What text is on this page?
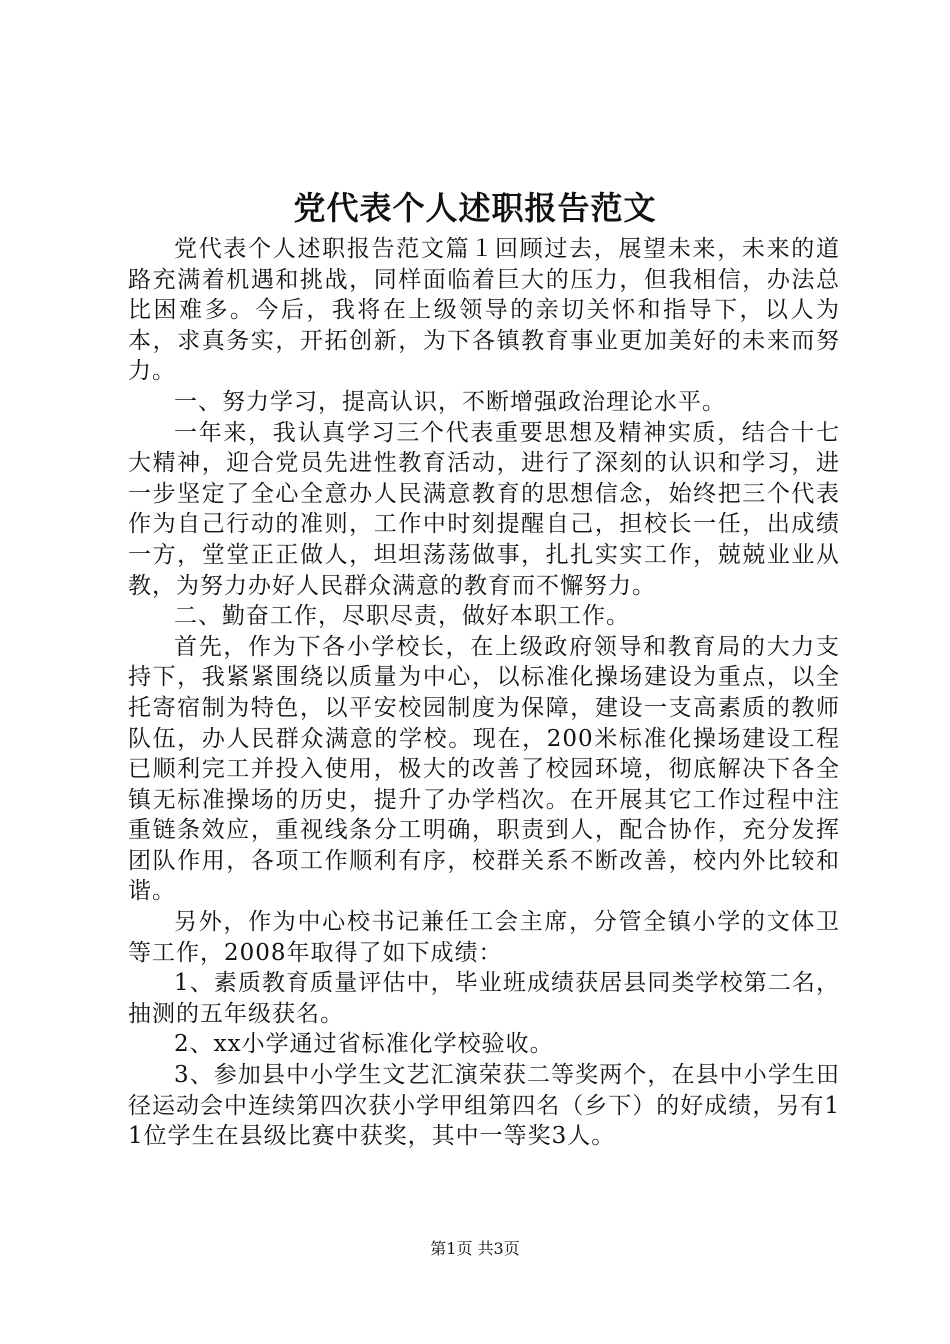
党代表个人述职报告范文

党代表个人述职报告范文篇１回顾过去，展望未来，未来的道路充满着机遇和挑战，同样面临着巨大的压力，但我相信，办法总比困难多。今后，我将在上级领导的亲切关怀和指导下，以人为本，求真务实，开拓创新，为下各镇教育事业更加美好的未来而努力。

一、努力学习，提高认识，不断增强政治理论水平。

一年来，我认真学习三个代表重要思想及精神实质，结合十七大精神，迎合党员先进性教育活动，进行了深刻的认识和学习，进一步坚定了全心全意办人民满意教育的思想信念，始终把三个代表作为自己行动的准则，工作中时刻提醒自己，担校长一任，出成绩一方，堂堂正正做人，坦坦荡荡做事，扎扎实实工作，兢兢业业从教，为努力办好人民群众满意的教育而不懈努力。

二、勤奋工作，尽职尽责，做好本职工作。

首先，作为下各小学校长，在上级政府领导和教育局的大力支持下，我紧紧围绕以质量为中心，以标准化操场建设为重点，以全托寄宿制为特色，以平安校园制度为保障，建设一支高素质的教师队伍，办人民群众满意的学校。现在，200米标准化操场建设工程已顺利完工并投入使用，极大的改善了校园环境，彻底解决下各全镇无标准操场的历史，提升了办学档次。在开展其它工作过程中注重链条效应，重视线条分工明确，职责到人，配合协作，充分发挥团队作用，各项工作顺利有序，校群关系不断改善，校内外比较和谐。

另外，作为中心校书记兼任工会主席，分管全镇小学的文体卫等工作，2008年取得了如下成绩：

1、素质教育质量评估中，毕业班成绩获居县同类学校第二名，抽测的五年级获名。

2、xx小学通过省标准化学校验收。

3、参加县中小学生文艺汇演荣获二等奖两个，在县中小学生田径运动会中连续第四次获小学甲组第四名（乡下）的好成绩，另有11位学生在县级比赛中获奖，其中一等奖3人。

第1页 共3页
